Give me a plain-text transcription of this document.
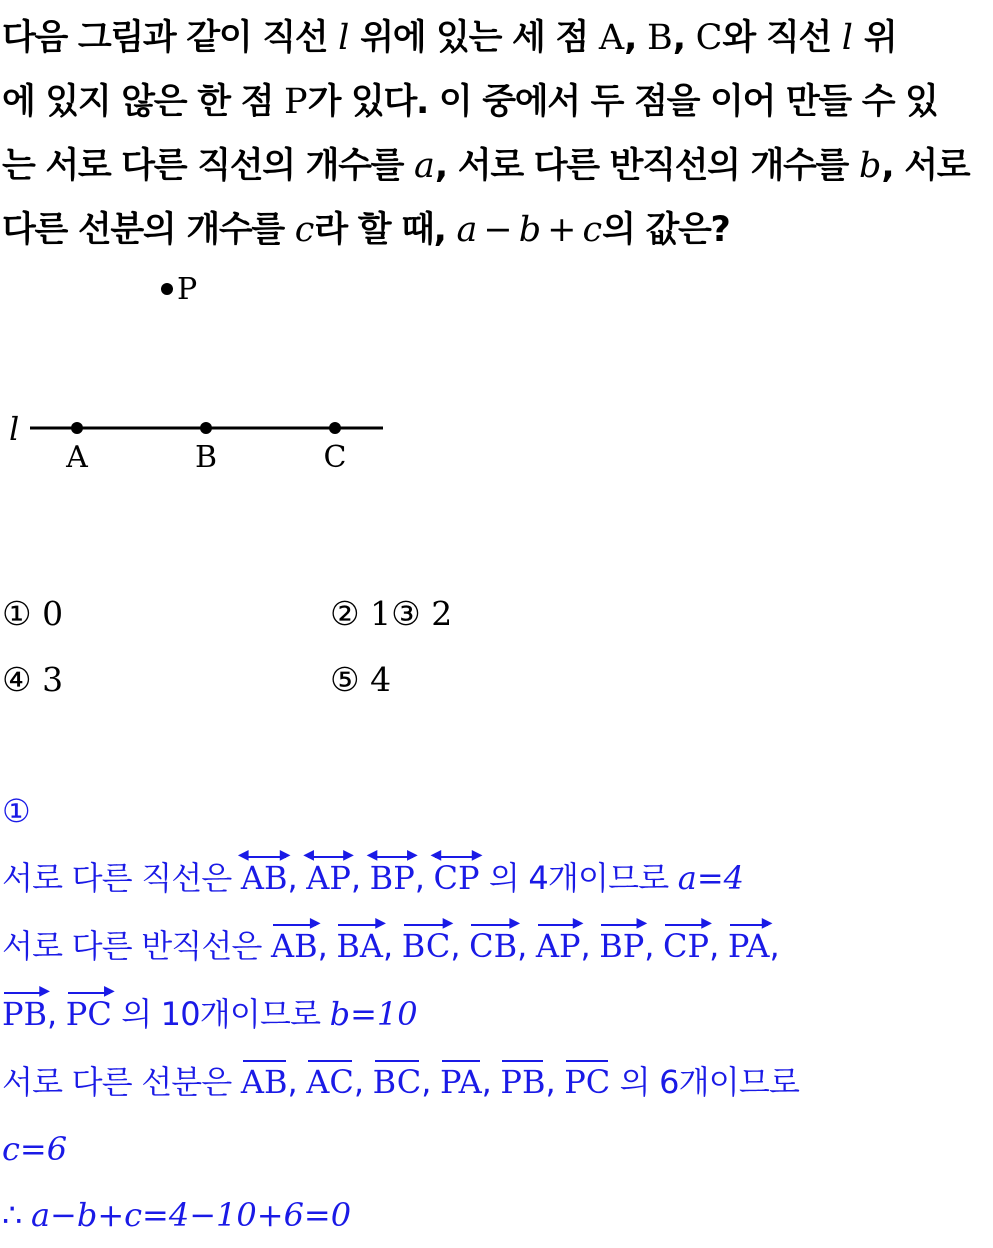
다음 그림과 같이 직선 l 위에 있는 세 점 A, B, C와 직선 l 위
에 있지 않은 한 점 P가 있다. 이 중에서 두 점을 이어 만들 수 있
는 서로 다른 직선의 개수를 a, 서로 다른 반직선의 개수를 b, 서로
다른 선분의 개수를 c라 할 때, a − b + c의 값은?
P
l
A	B	C
① 0	② 1③ 2
④ 3	⑤ 4
①
서로 다른 직선은
▶
◀
AB,
▶
◀
AP,
▶
◀
BP,
▶
◀
CP 의 4개이므로 a=4
서로 다른 반직선은
▶
AB,
▶
BA,
▶
BC,
▶
CB,
▶
AP,
▶
BP,
▶
CP,
▶
PA,
▶
PB,
▶
PC 의 10개이므로 b=10
서로 다른 선분은
AB,
AC,
BC,
PA,
PB,
PC 의 6개이므로
c=6
∴ a−b+c=4−10+6=0
